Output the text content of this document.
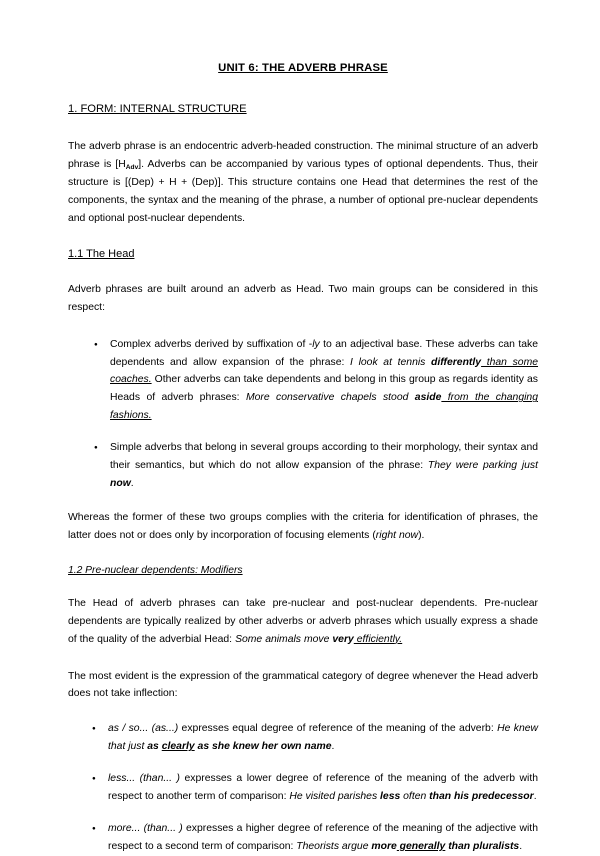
UNIT 6: THE ADVERB PHRASE
1. FORM: INTERNAL STRUCTURE

The adverb phrase is an endocentric adverb-headed construction. The minimal structure of an adverb phrase is $[H_{Adv}]$. Adverbs can be accompanied by various types of optional dependents. Thus, their structure is [(Dep) + H + (Dep)]. This structure contains one Head that determines the rest of the components, the syntax and the meaning of the phrase, a number of optional pre-nuclear dependents and optional post-nuclear dependents.

1.1 The Head

Adverb phrases are built around an adverb as Head. Two main groups can be considered in this respect:

● Complex adverbs derived by suffixation of -ly to an adjectival base. These adverbs can take dependents and allow expansion of the phrase: I look at tennis differently than some coaches. Other adverbs can take dependents and belong in this group as regards identity as Heads of adverb phrases: More conservative chapels stood aside from the changing fashions.
● Simple adverbs that belong in several groups according to their morphology, their syntax and their semantics, but which do not allow expansion of the phrase: They were parking just now.

Whereas the former of these two groups complies with the criteria for identification of phrases, the latter does not or does only by incorporation of focusing elements (right now).

1.2 Pre-nuclear dependents: Modifiers

The Head of adverb phrases can take pre-nuclear and post-nuclear dependents. Pre-nuclear dependents are typically realized by other adverbs or adverb phrases which usually express a shade of the quality of the adverbial Head: Some animals move very efficiently.

The most evident is the expression of the grammatical category of degree whenever the Head adverb does not take inflection:

● as / so... (as...) expresses equal degree of reference of the meaning of the adverb: He knew that just as clearly as she knew her own name.
● less... (than... ) expresses a lower degree of reference of the meaning of the adverb with respect to another term of comparison: He visited parishes less often than his predecessor.
● more... (than... ) expresses a higher degree of reference of the meaning of the adjective with respect to a second term of comparison: Theorists argue more generally than pluralists.
